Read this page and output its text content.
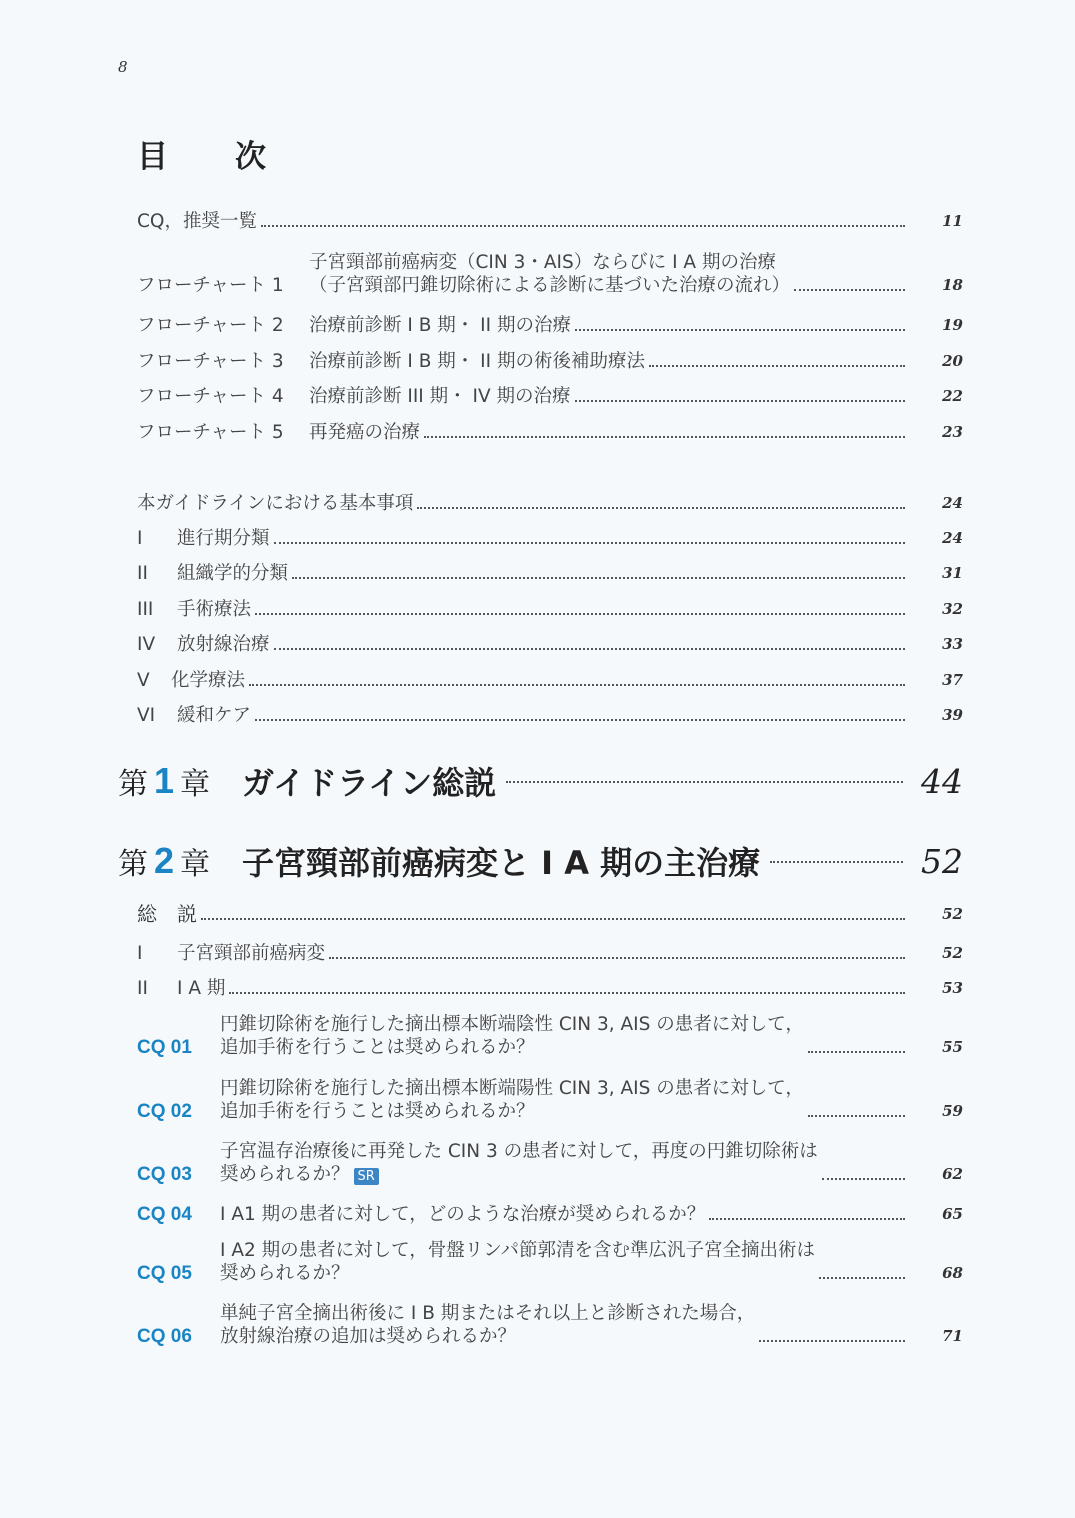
8
目　次
CQ，推奨一覧	11
フローチャート 1
子宮頸部前癌病変（CIN 3・AIS）ならびに I A 期の治療
（子宮頸部円錐切除術による診断に基づいた治療の流れ）	18
フローチャート 2	治療前診断 I B 期・ II 期の治療	19
フローチャート 3	治療前診断 I B 期・ II 期の術後補助療法	20
フローチャート 4	治療前診断 III 期・ IV 期の治療	22
フローチャート 5	再発癌の治療	23
本ガイドラインにおける基本事項	24
I	進行期分類	24
II	組織学的分類	31
III	手術療法	32
IV	放射線治療	33
V	化学療法	37
VI	緩和ケア	39
第 1 章 ガイドライン総説	44
第 2 章 子宮頸部前癌病変と I A 期の主治療	52
総　説	52
I	子宮頸部前癌病変	52
II	I A 期	53
CQ 01
円錐切除術を施行した摘出標本断端陰性 CIN 3, AIS の患者に対して，
追加手術を行うことは奨められるか？	55
CQ 02
円錐切除術を施行した摘出標本断端陽性 CIN 3, AIS の患者に対して，
追加手術を行うことは奨められるか？	59
CQ 03
子宮温存治療後に再発した CIN 3 の患者に対して，再度の円錐切除術は
奨められるか？ SR	62
CQ 04	I A1 期の患者に対して，どのような治療が奨められるか？	65
CQ 05
I A2 期の患者に対して，骨盤リンパ節郭清を含む準広汎子宮全摘出術は
奨められるか？	68
CQ 06
単純子宮全摘出術後に I B 期またはそれ以上と診断された場合，
放射線治療の追加は奨められるか？	71
